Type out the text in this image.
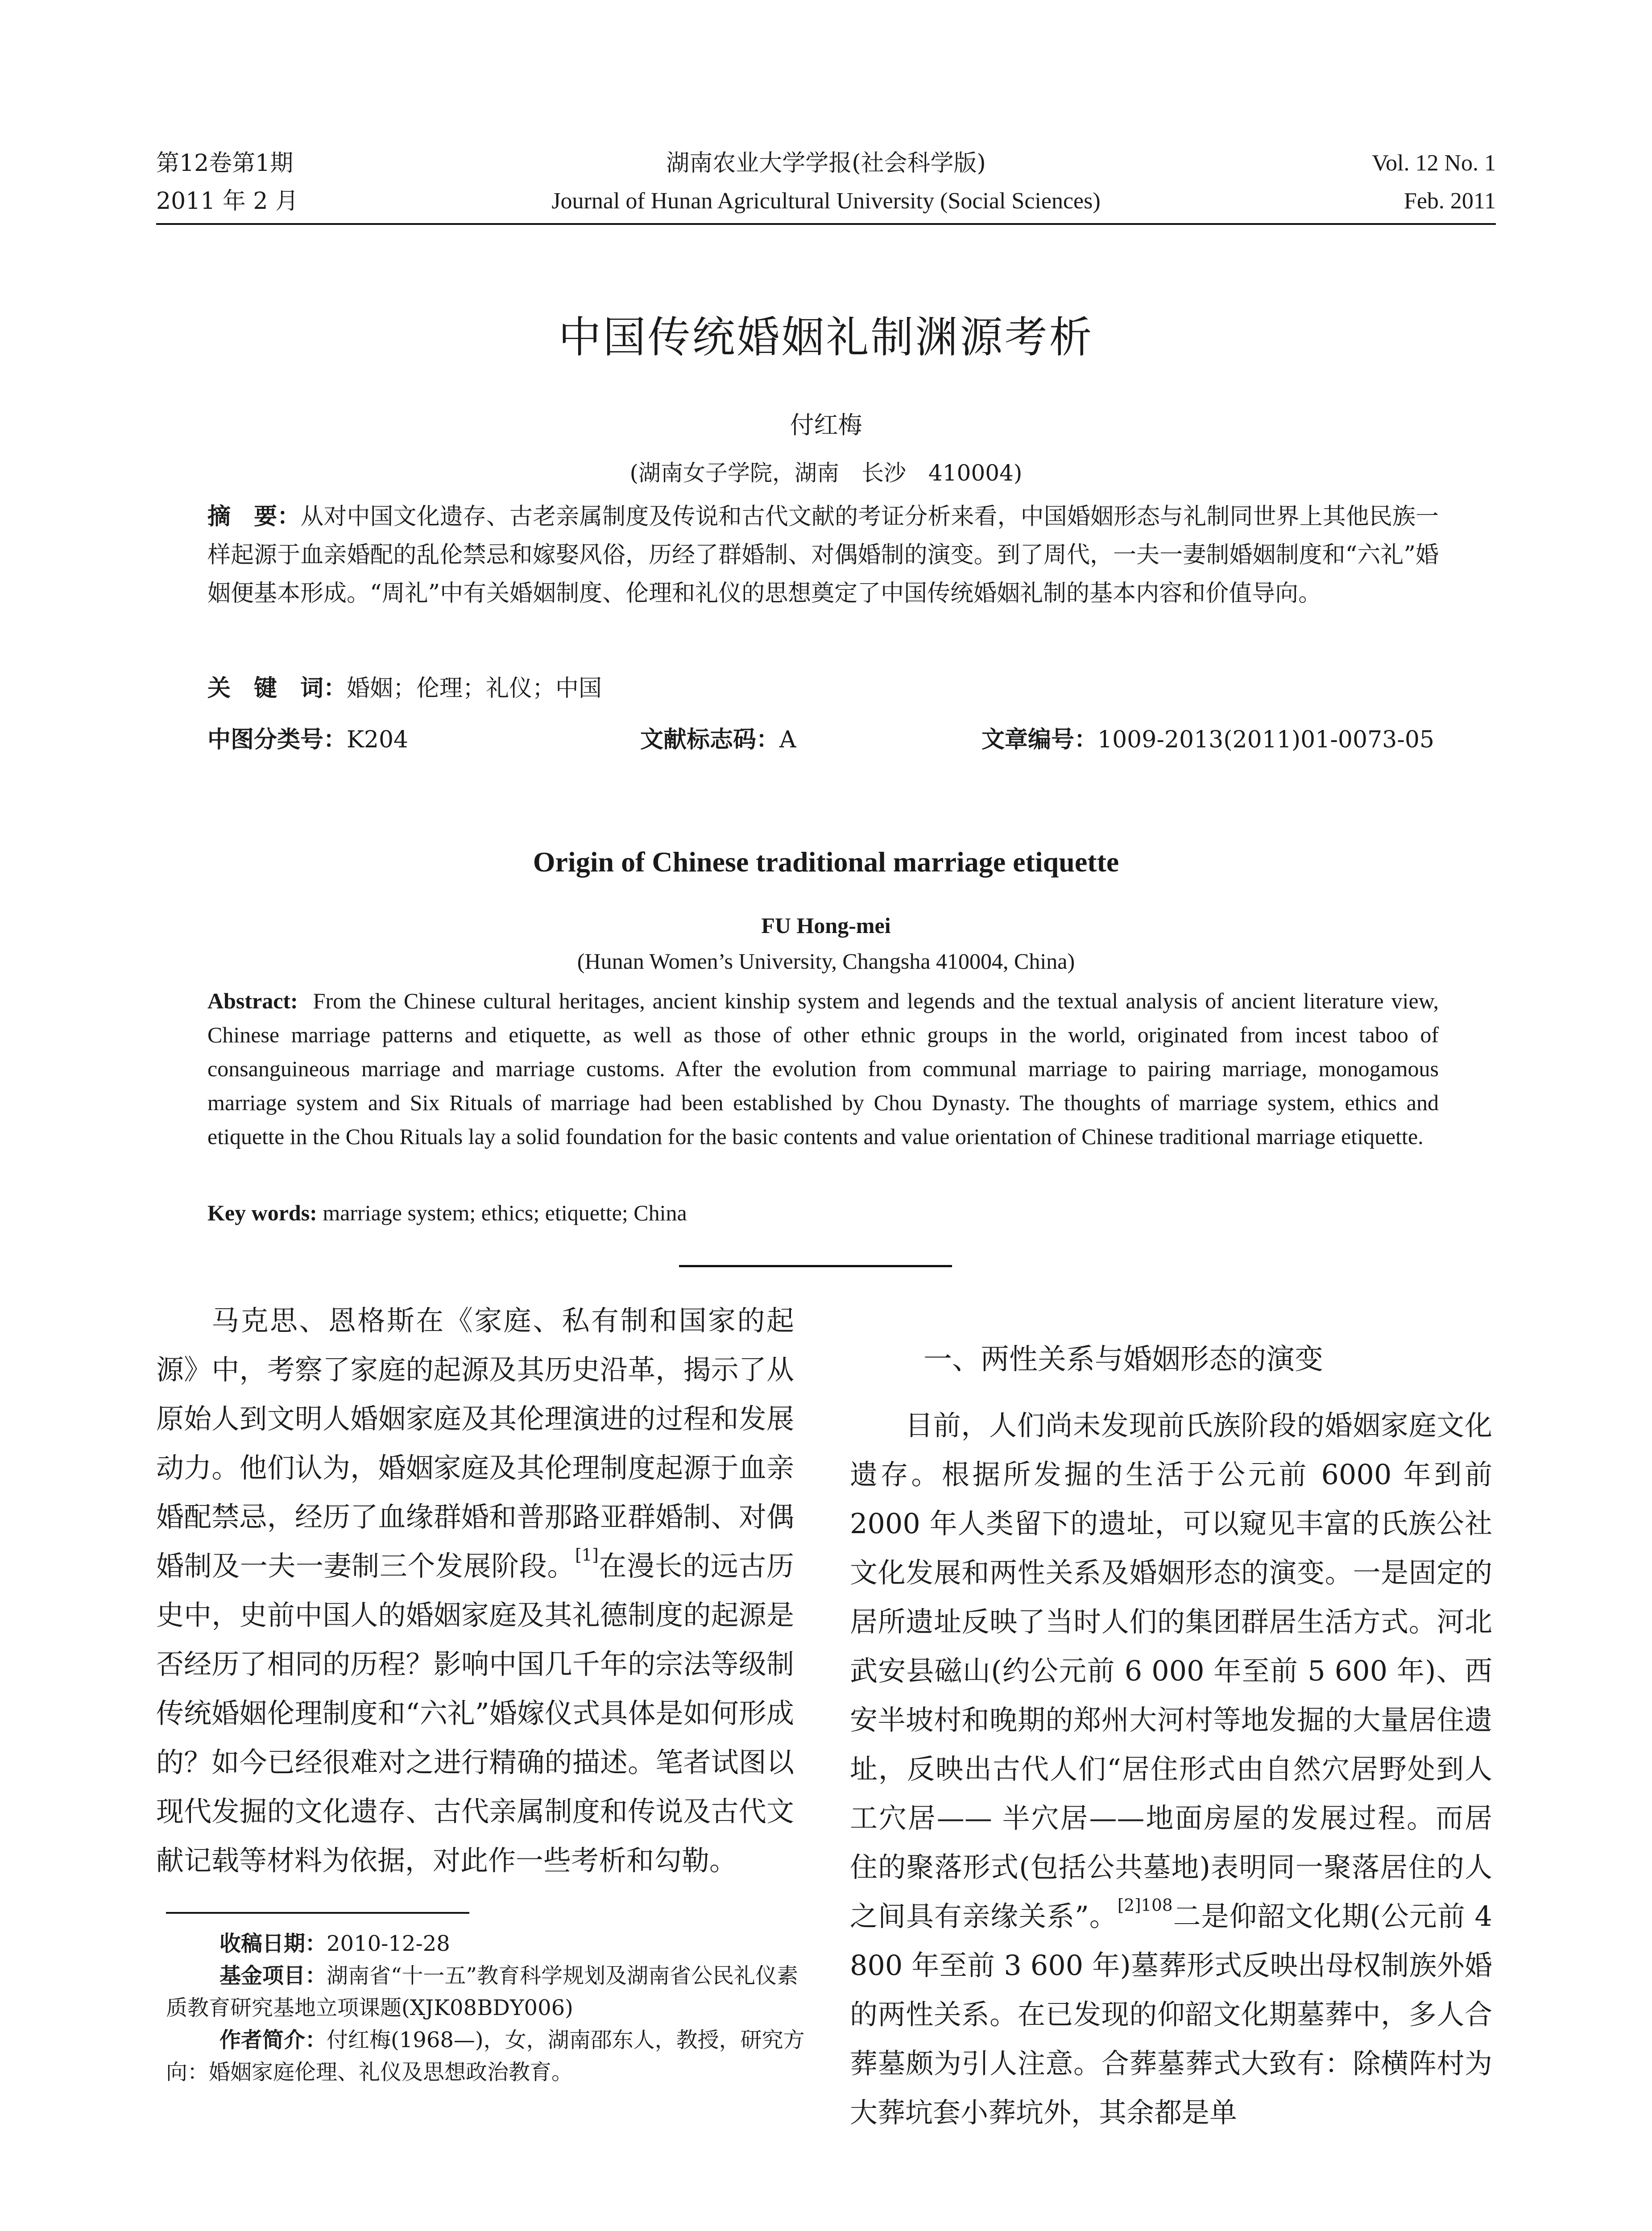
第12卷第1期
2011 年 2 月
湖南农业大学学报(社会科学版)
Journal of Hunan Agricultural University (Social Sciences)
Vol. 12 No. 1
Feb. 2011
中国传统婚姻礼制渊源考析
付红梅
(湖南女子学院，湖南　长沙　410004)
摘　要：从对中国文化遗存、古老亲属制度及传说和古代文献的考证分析来看，中国婚姻形态与礼制同世界上其他民族一样起源于血亲婚配的乱伦禁忌和嫁娶风俗，历经了群婚制、对偶婚制的演变。到了周代，一夫一妻制婚姻制度和“六礼”婚姻便基本形成。“周礼”中有关婚姻制度、伦理和礼仪的思想奠定了中国传统婚姻礼制的基本内容和价值导向。
关　键　词：婚姻；伦理；礼仪；中国
中图分类号：K204	文献标志码：A	文章编号：1009-2013(2011)01-0073-05
Origin of Chinese traditional marriage etiquette
FU Hong-mei
(Hunan Women’s University, Changsha 410004, China)
Abstract: From the Chinese cultural heritages, ancient kinship system and legends and the textual analysis of ancient literature view, Chinese marriage patterns and etiquette, as well as those of other ethnic groups in the world, originated from incest taboo of consanguineous marriage and marriage customs. After the evolution from communal marriage to pairing marriage, monogamous marriage system and Six Rituals of marriage had been established by Chou Dynasty. The thoughts of marriage system, ethics and etiquette in the Chou Rituals lay a solid foundation for the basic contents and value orientation of Chinese traditional marriage etiquette.
Key words: marriage system; ethics; etiquette; China

马克思、恩格斯在《家庭、私有制和国家的起源》中，考察了家庭的起源及其历史沿革，揭示了从原始人到文明人婚姻家庭及其伦理演进的过程和发展动力。他们认为，婚姻家庭及其伦理制度起源于血亲婚配禁忌，经历了血缘群婚和普那路亚群婚制、对偶婚制及一夫一妻制三个发展阶段。[1]在漫长的远古历史中，史前中国人的婚姻家庭及其礼德制度的起源是否经历了相同的历程？影响中国几千年的宗法等级制传统婚姻伦理制度和“六礼”婚嫁仪式具体是如何形成的？如今已经很难对之进行精确的描述。笔者试图以现代发掘的文化遗存、古代亲属制度和传说及古代文献记载等材料为依据，对此作一些考析和勾勒。

收稿日期：2010-12-28

基金项目：湖南省“十一五”教育科学规划及湖南省公民礼仪素质教育研究基地立项课题(XJK08BDY006)

作者简介：付红梅(1968—)，女，湖南邵东人，教授，研究方向：婚姻家庭伦理、礼仪及思想政治教育。

一、两性关系与婚姻形态的演变

目前，人们尚未发现前氏族阶段的婚姻家庭文化遗存。根据所发掘的生活于公元前 6000 年到前 2000 年人类留下的遗址，可以窥见丰富的氏族公社文化发展和两性关系及婚姻形态的演变。一是固定的居所遗址反映了当时人们的集团群居生活方式。河北武安县磁山(约公元前 6 000 年至前 5 600 年)、西安半坡村和晚期的郑州大河村等地发掘的大量居住遗址，反映出古代人们“居住形式由自然穴居野处到人工穴居—— 半穴居——地面房屋的发展过程。而居住的聚落形式(包括公共墓地)表明同一聚落居住的人之间具有亲缘关系”。$^{[2]108}$二是仰韶文化期(公元前 4 800 年至前 3 600 年)墓葬形式反映出母权制族外婚的两性关系。在已发现的仰韶文化期墓葬中，多人合葬墓颇为引人注意。合葬墓葬式大致有：除横阵村为大葬坑套小葬坑外，其余都是单
